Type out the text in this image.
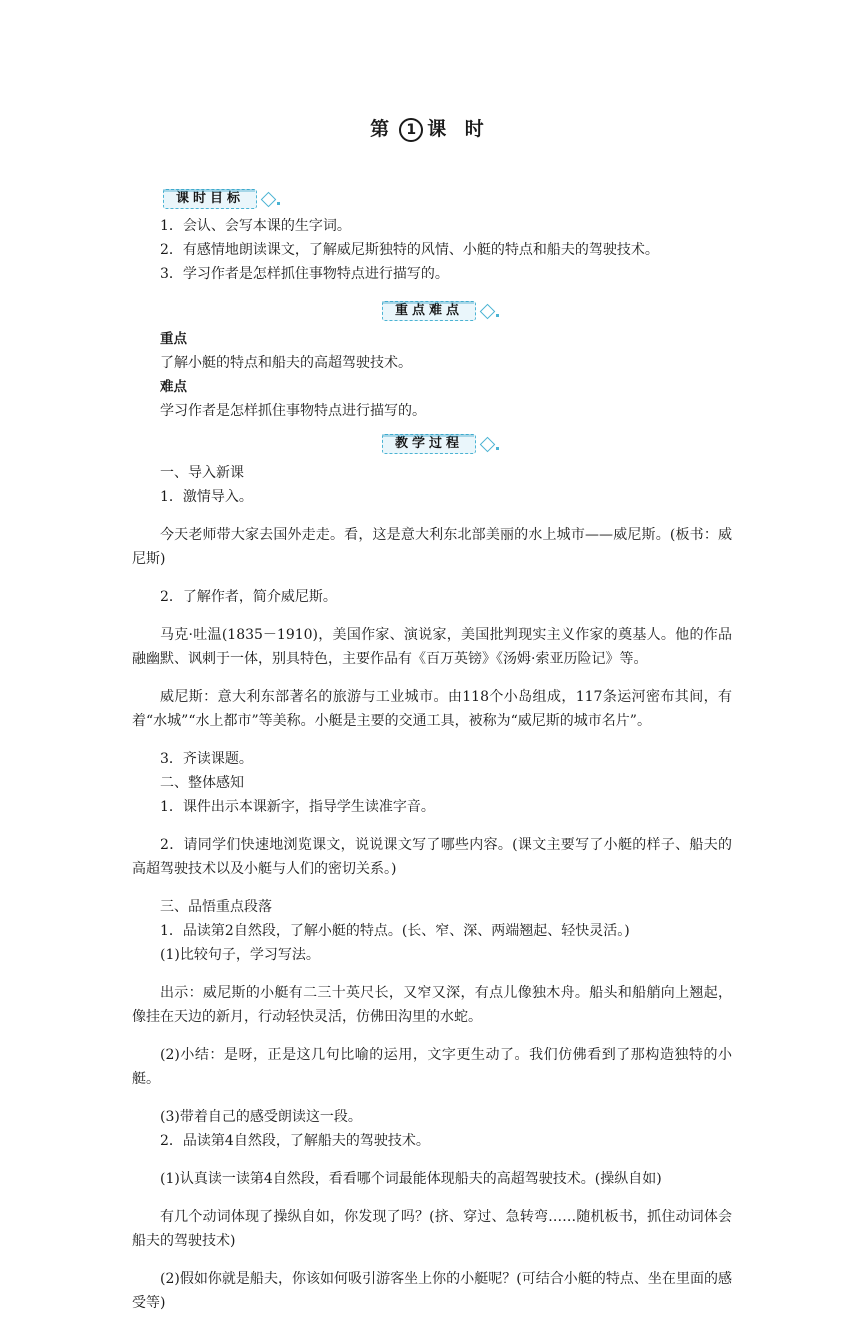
第 1 课 时
课时目标

1．会认、会写本课的生字词。

2．有感情地朗读课文，了解威尼斯独特的风情、小艇的特点和船夫的驾驶技术。

3．学习作者是怎样抓住事物特点进行描写的。

重点难点

重点

了解小艇的特点和船夫的高超驾驶技术。

难点

学习作者是怎样抓住事物特点进行描写的。

教学过程

一、导入新课

1．激情导入。

今天老师带大家去国外走走。看，这是意大利东北部美丽的水上城市——威尼斯。(板书：威尼斯)

2．了解作者，简介威尼斯。

马克·吐温(1835－1910)，美国作家、演说家，美国批判现实主义作家的奠基人。他的作品融幽默、讽刺于一体，别具特色，主要作品有《百万英镑》《汤姆·索亚历险记》等。

威尼斯：意大利东部著名的旅游与工业城市。由118个小岛组成，117条运河密布其间，有着“水城”“水上都市”等美称。小艇是主要的交通工具，被称为“威尼斯的城市名片”。

3．齐读课题。

二、整体感知

1．课件出示本课新字，指导学生读准字音。

2．请同学们快速地浏览课文，说说课文写了哪些内容。(课文主要写了小艇的样子、船夫的高超驾驶技术以及小艇与人们的密切关系。)

三、品悟重点段落

1．品读第2自然段，了解小艇的特点。(长、窄、深、两端翘起、轻快灵活。)

(1)比较句子，学习写法。

出示：威尼斯的小艇有二三十英尺长，又窄又深，有点儿像独木舟。船头和船艄向上翘起，像挂在天边的新月，行动轻快灵活，仿佛田沟里的水蛇。

(2)小结：是呀，正是这几句比喻的运用，文字更生动了。我们仿佛看到了那构造独特的小艇。

(3)带着自己的感受朗读这一段。

2．品读第4自然段，了解船夫的驾驶技术。

(1)认真读一读第4自然段，看看哪个词最能体现船夫的高超驾驶技术。(操纵自如)

有几个动词体现了操纵自如，你发现了吗？(挤、穿过、急转弯……随机板书，抓住动词体会船夫的驾驶技术)

(2)假如你就是船夫，你该如何吸引游客坐上你的小艇呢？(可结合小艇的特点、坐在里面的感受等)
